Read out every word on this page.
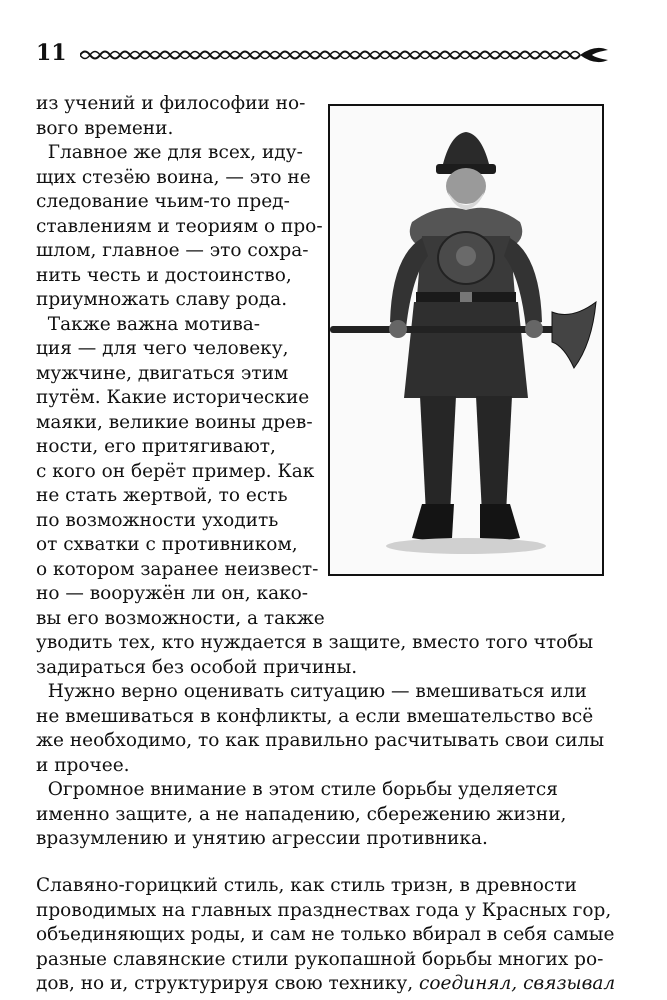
11
из учений и философии но-
вого времени.
Главное же для всех, иду-
щих стезёю воина, — это не
следование чьим-то пред-
ставлениям и теориям о про-
шлом, главное — это сохра-
нить честь и достоинство,
приумножать славу рода.
Также важна мотива-
ция — для чего человеку,
мужчине, двигаться этим
путём. Какие исторические
маяки, великие воины древ-
ности, его притягивают,
с кого он берёт пример. Как
не стать жертвой, то есть
по возможности уходить
от схватки с противником,
о котором заранее неизвест-
но — вооружён ли он, како-
вы его возможности, а также
уводить тех, кто нуждается в защите, вместо того чтобы
задираться без особой причины.
Нужно верно оценивать ситуацию — вмешиваться или
не вмешиваться в конфликты, а если вмешательство всё
же необходимо, то как правильно расчитывать свои силы
и прочее.
Огромное внимание в этом стиле борьбы уделяется
именно защите, а не нападению, сбережению жизни,
вразумлению и унятию агрессии противника.
Славяно-горицкий стиль, как стиль тризн, в древности
проводимых на главных празднествах года у Красных гор,
объединяющих роды, и сам не только вбирал в себя самые
разные славянские стили рукопашной борьбы многих ро-
дов, но и, структурируя свою технику, соединял, связывал
